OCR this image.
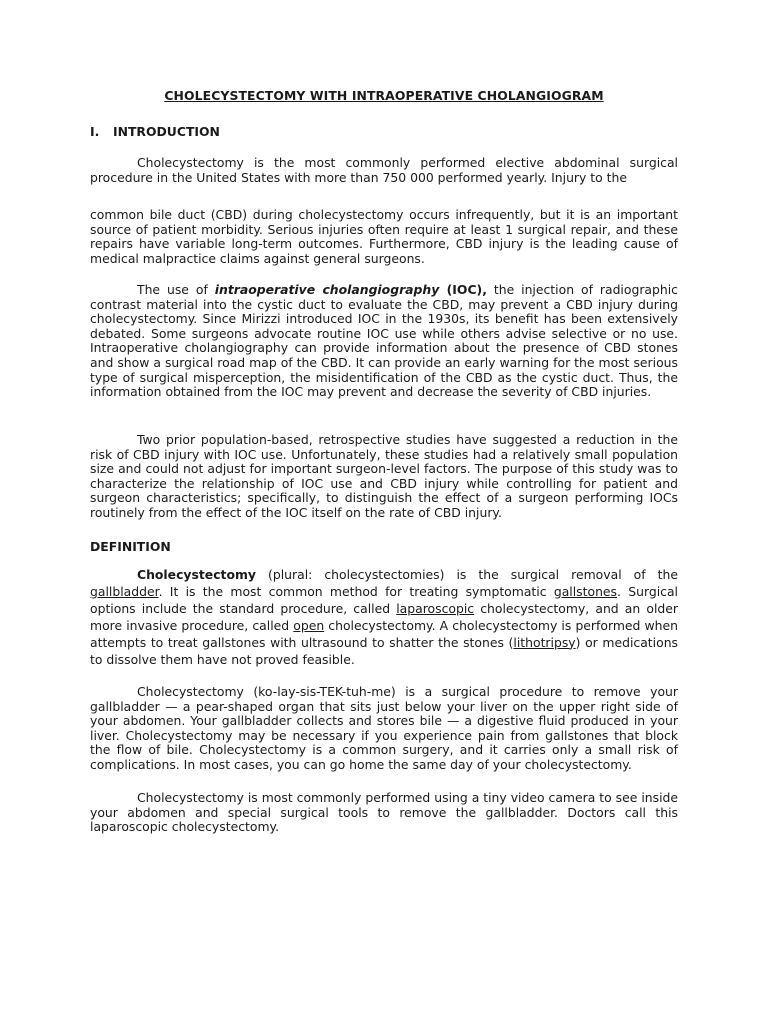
CHOLECYSTECTOMY WITH INTRAOPERATIVE CHOLANGIOGRAM
I. INTRODUCTION

Cholecystectomy is the most commonly performed elective abdominal surgical procedure in the United States with more than 750 000 performed yearly. Injury to the

common bile duct (CBD) during cholecystectomy occurs infrequently, but it is an important source of patient morbidity. Serious injuries often require at least 1 surgical repair, and these repairs have variable long-term outcomes. Furthermore, CBD injury is the leading cause of medical malpractice claims against general surgeons.

The use of intraoperative cholangiography (IOC), the injection of radiographic contrast material into the cystic duct to evaluate the CBD, may prevent a CBD injury during cholecystectomy. Since Mirizzi introduced IOC in the 1930s, its benefit has been extensively debated. Some surgeons advocate routine IOC use while others advise selective or no use. Intraoperative cholangiography can provide information about the presence of CBD stones and show a surgical road map of the CBD. It can provide an early warning for the most serious type of surgical misperception, the misidentification of the CBD as the cystic duct. Thus, the information obtained from the IOC may prevent and decrease the severity of CBD injuries.

Two prior population-based, retrospective studies have suggested a reduction in the risk of CBD injury with IOC use. Unfortunately, these studies had a relatively small population size and could not adjust for important surgeon-level factors. The purpose of this study was to characterize the relationship of IOC use and CBD injury while controlling for patient and surgeon characteristics; specifically, to distinguish the effect of a surgeon performing IOCs routinely from the effect of the IOC itself on the rate of CBD injury.

DEFINITION

Cholecystectomy (plural: cholecystectomies) is the surgical removal of the gallbladder. It is the most common method for treating symptomatic gallstones. Surgical options include the standard procedure, called laparoscopic cholecystectomy, and an older more invasive procedure, called open cholecystectomy. A cholecystectomy is performed when attempts to treat gallstones with ultrasound to shatter the stones (lithotripsy) or medications to dissolve them have not proved feasible.

Cholecystectomy (ko-lay-sis-TEK-tuh-me) is a surgical procedure to remove your gallbladder — a pear-shaped organ that sits just below your liver on the upper right side of your abdomen. Your gallbladder collects and stores bile — a digestive fluid produced in your liver. Cholecystectomy may be necessary if you experience pain from gallstones that block the flow of bile. Cholecystectomy is a common surgery, and it carries only a small risk of complications. In most cases, you can go home the same day of your cholecystectomy.

Cholecystectomy is most commonly performed using a tiny video camera to see inside your abdomen and special surgical tools to remove the gallbladder. Doctors call this laparoscopic cholecystectomy.
